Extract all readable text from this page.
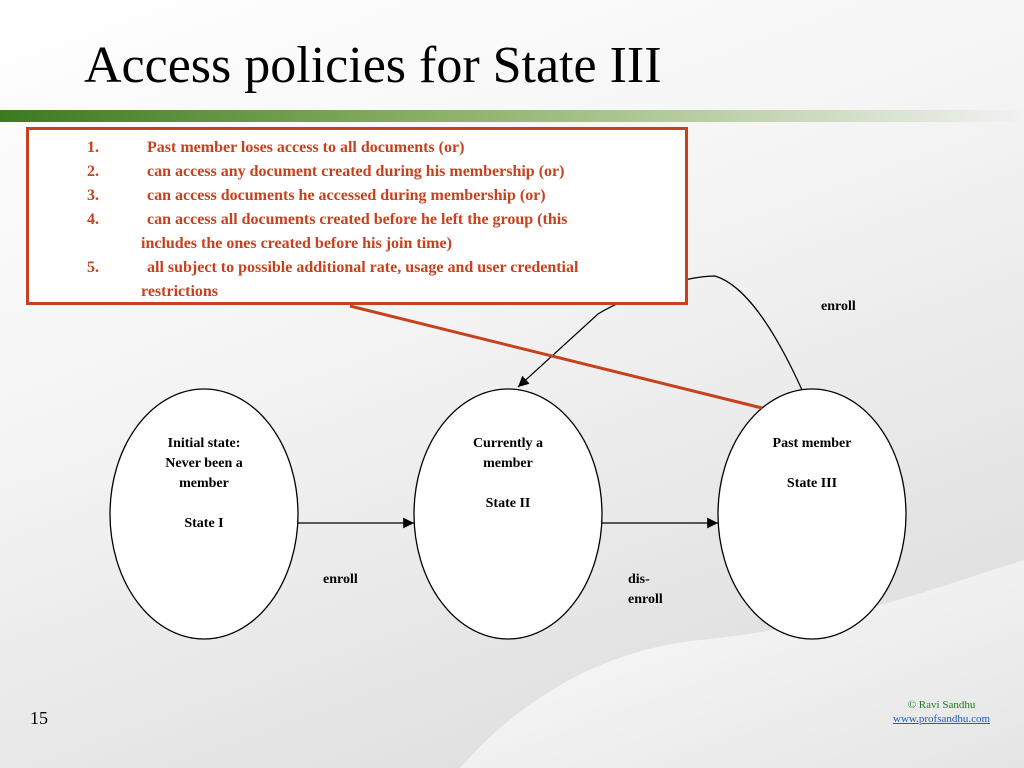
Access policies for State III
1.	Past member loses access to all documents (or)
2.	can access any document created during his membership (or)
3.	can access documents he accessed during membership (or)
4.	can access all documents created before he left the group (this
includes the ones created before his join time)
5.	all subject to possible additional rate, usage and user credential
restrictions
Initial state:
Never been a
member
State I
Currently a
member
State II
Past member
State III
enroll	dis-
enroll
enroll
15
© Ravi Sandhu
www.profsandhu.com
